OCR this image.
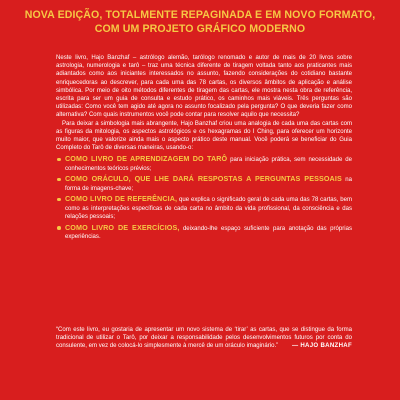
NOVA EDIÇÃO, TOTALMENTE REPAGINADA E EM NOVO FORMATO,
COM UM PROJETO GRÁFICO MODERNO

Neste livro, Hajo Banzhaf – astrólogo alemão, tarólogo renomado e autor de mais de 20 livros sobre astrologia, numerologia e tarô – traz uma técnica diferente de tiragem voltada tanto aos praticantes mais adiantados como aos iniciantes interessados no assunto, fazendo considerações do cotidiano bastante enriquecedoras ao descrever, para cada uma das 78 cartas, os diversos âmbitos de aplicação e análise simbólica. Por meio de oito métodos diferentes de tiragem das cartas, ele mostra nesta obra de referência, escrita para ser um guia de consulta e estudo prático, os caminhos mais viáveis. Três perguntas são utilizadas: Como você tem agido até agora no assunto focalizado pela pergunta? O que deveria fazer como alternativa? Com quais instrumentos você pode contar para resolver aquilo que necessita?

Para deixar a simbologia mais abrangente, Hajo Banzhaf criou uma analogia de cada uma das cartas com as figuras da mitologia, os aspectos astrológicos e os hexagramas do I Ching, para oferecer um horizonte muito maior, que valorize ainda mais o aspecto prático deste manual. Você poderá se beneficiar do Guia Completo do Tarô de diversas maneiras, usando-o:

COMO LIVRO DE APRENDIZAGEM DO TARÔ para iniciação prática, sem necessidade de conhecimentos teóricos prévios;
COMO ORÁCULO, QUE LHE DARÁ RESPOSTAS A PERGUNTAS PESSOAIS na forma de imagens-chave;
COMO LIVRO DE REFERÊNCIA, que explica o significado geral de cada uma das 78 cartas, bem como as interpretações específicas de cada carta no âmbito da vida profissional, da consciência e das relações pessoais;
COMO LIVRO DE EXERCÍCIOS, deixando-lhe espaço suficiente para anotação das próprias experiências.
“Com este livro, eu gostaria de apresentar um novo sistema de ‘tirar’ as cartas, que se distingue da forma tradicional de utilizar o Tarô, por deixar a responsabilidade pelos desenvolvimentos futuros por conta do consulente, em vez de colocá-lo simplesmente à mercê de um oráculo imaginário.” — HAJO BANZHAF
